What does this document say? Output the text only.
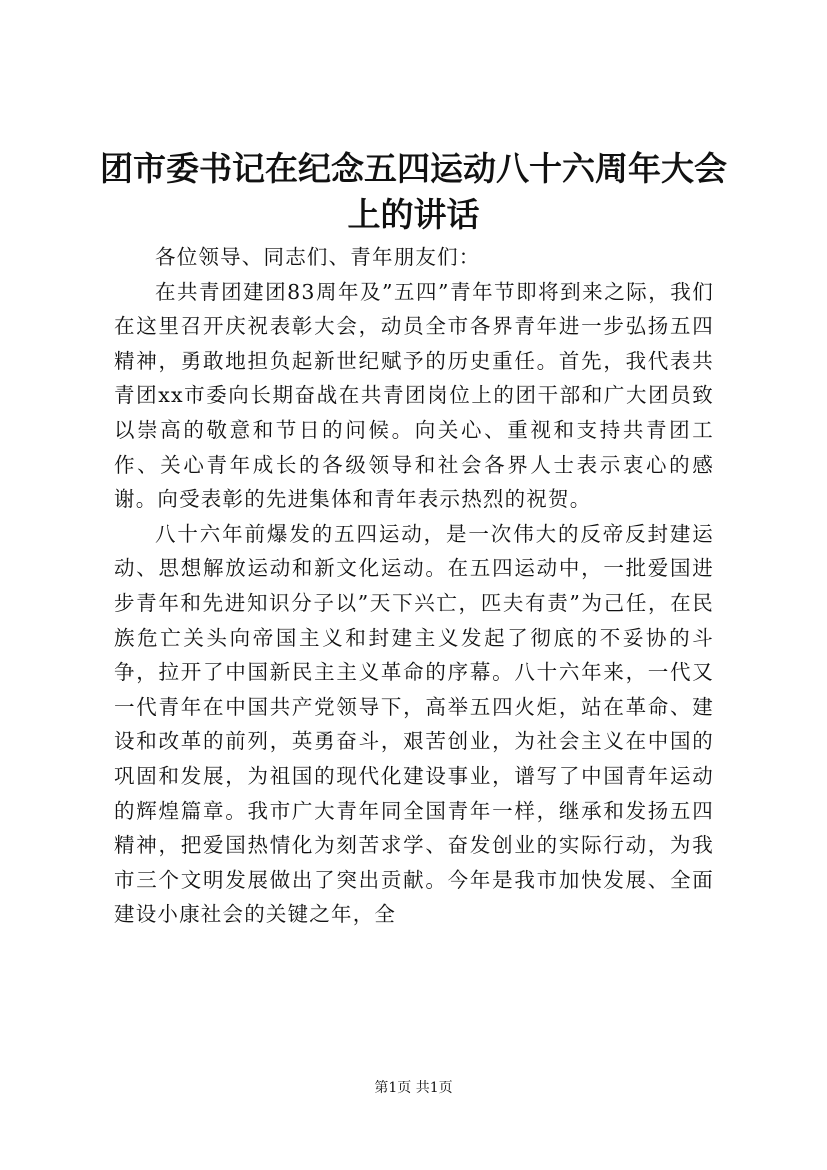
团市委书记在纪念五四运动八十六周年大会上的讲话

各位领导、同志们、青年朋友们：

在共青团建团83周年及”五四”青年节即将到来之际，我们在这里召开庆祝表彰大会，动员全市各界青年进一步弘扬五四精神，勇敢地担负起新世纪赋予的历史重任。首先，我代表共青团xx市委向长期奋战在共青团岗位上的团干部和广大团员致以崇高的敬意和节日的问候。向关心、重视和支持共青团工作、关心青年成长的各级领导和社会各界人士表示衷心的感谢。向受表彰的先进集体和青年表示热烈的祝贺。

八十六年前爆发的五四运动，是一次伟大的反帝反封建运动、思想解放运动和新文化运动。在五四运动中，一批爱国进步青年和先进知识分子以”天下兴亡，匹夫有责”为己任，在民族危亡关头向帝国主义和封建主义发起了彻底的不妥协的斗争，拉开了中国新民主主义革命的序幕。八十六年来，一代又一代青年在中国共产党领导下，高举五四火炬，站在革命、建设和改革的前列，英勇奋斗，艰苦创业，为社会主义在中国的巩固和发展，为祖国的现代化建设事业，谱写了中国青年运动的辉煌篇章。我市广大青年同全国青年一样，继承和发扬五四精神，把爱国热情化为刻苦求学、奋发创业的实际行动，为我市三个文明发展做出了突出贡献。今年是我市加快发展、全面建设小康社会的关键之年，全

第1页 共1页
